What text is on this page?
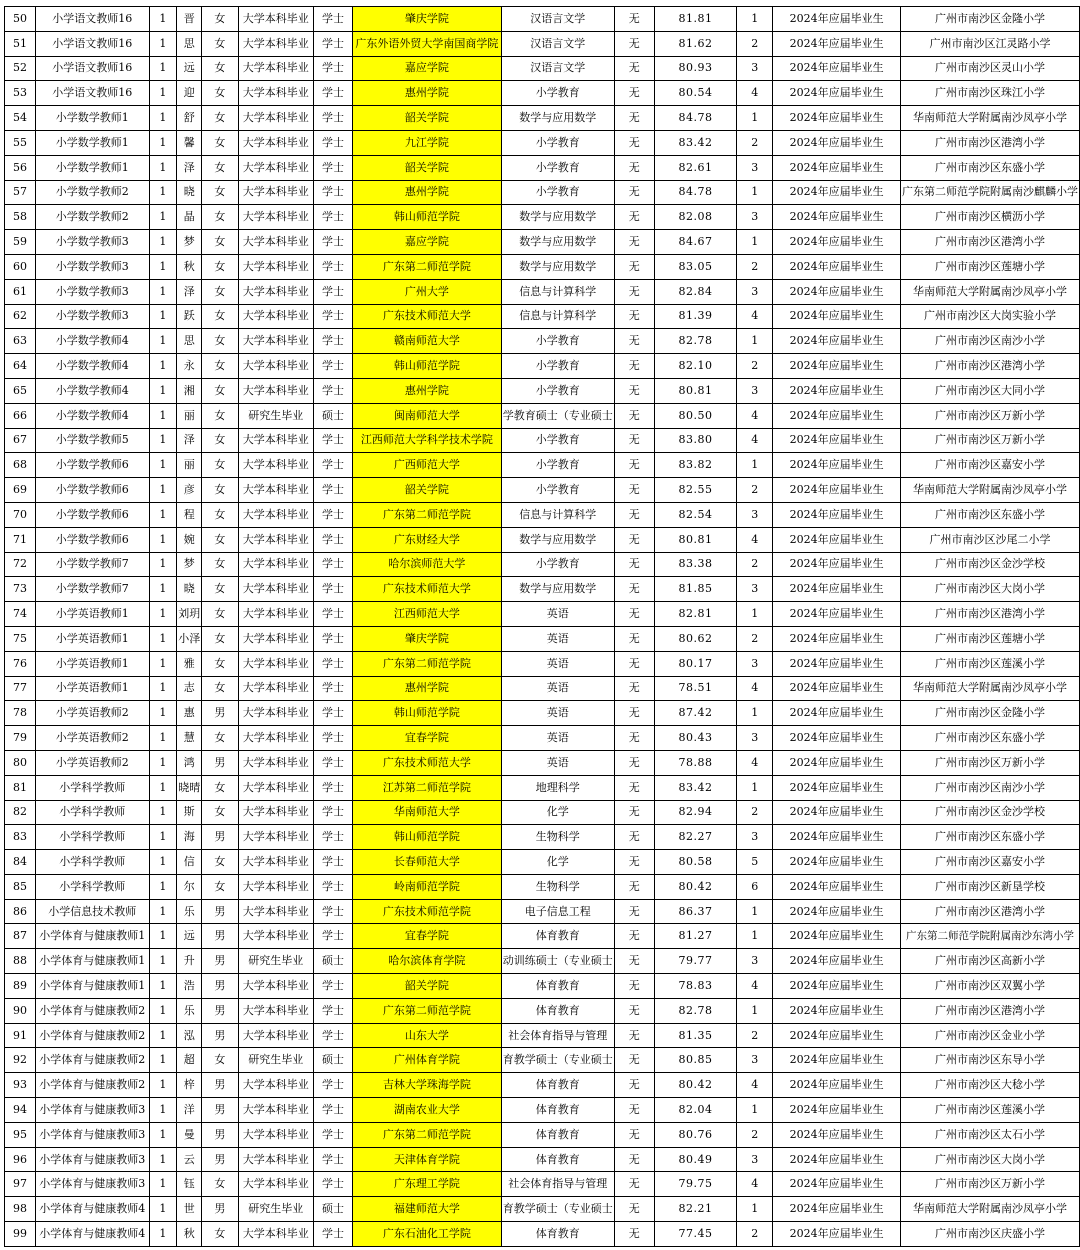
50	小学语文教师16	1	晋	女	大学本科毕业	学士	肇庆学院	汉语言文学	无	81.81	1	2024年应届毕业生	广州市南沙区金隆小学
51	小学语文教师16	1	思	女	大学本科毕业	学士	广东外语外贸大学南国商学院	汉语言文学	无	81.62	2	2024年应届毕业生	广州市南沙区江灵路小学
52	小学语文教师16	1	远	女	大学本科毕业	学士	嘉应学院	汉语言文学	无	80.93	3	2024年应届毕业生	广州市南沙区灵山小学
53	小学语文教师16	1	迎	女	大学本科毕业	学士	惠州学院	小学教育	无	80.54	4	2024年应届毕业生	广州市南沙区珠江小学
54	小学数学教师1	1	舒	女	大学本科毕业	学士	韶关学院	数学与应用数学	无	84.78	1	2024年应届毕业生	华南师范大学附属南沙凤亭小学
55	小学数学教师1	1	馨	女	大学本科毕业	学士	九江学院	小学教育	无	83.42	2	2024年应届毕业生	广州市南沙区港湾小学
56	小学数学教师1	1	泽	女	大学本科毕业	学士	韶关学院	小学教育	无	82.61	3	2024年应届毕业生	广州市南沙区东盛小学
57	小学数学教师2	1	晓	女	大学本科毕业	学士	惠州学院	小学教育	无	84.78	1	2024年应届毕业生	广东第二师范学院附属南沙麒麟小学
58	小学数学教师2	1	晶	女	大学本科毕业	学士	韩山师范学院	数学与应用数学	无	82.08	3	2024年应届毕业生	广州市南沙区横沥小学
59	小学数学教师3	1	梦	女	大学本科毕业	学士	嘉应学院	数学与应用数学	无	84.67	1	2024年应届毕业生	广州市南沙区港湾小学
60	小学数学教师3	1	秋	女	大学本科毕业	学士	广东第二师范学院	数学与应用数学	无	83.05	2	2024年应届毕业生	广州市南沙区莲塘小学
61	小学数学教师3	1	泽	女	大学本科毕业	学士	广州大学	信息与计算科学	无	82.84	3	2024年应届毕业生	华南师范大学附属南沙凤亭小学
62	小学数学教师3	1	跃	女	大学本科毕业	学士	广东技术师范大学	信息与计算科学	无	81.39	4	2024年应届毕业生	广州市南沙区大岗实验小学
63	小学数学教师4	1	思	女	大学本科毕业	学士	赣南师范大学	小学教育	无	82.78	1	2024年应届毕业生	广州市南沙区南沙小学
64	小学数学教师4	1	永	女	大学本科毕业	学士	韩山师范学院	小学教育	无	82.10	2	2024年应届毕业生	广州市南沙区港湾小学
65	小学数学教师4	1	湘	女	大学本科毕业	学士	惠州学院	小学教育	无	80.81	3	2024年应届毕业生	广州市南沙区大同小学
66	小学数学教师4	1	丽	女	研究生毕业	硕士	闽南师范大学	学教育硕士（专业硕士	无	80.50	4	2024年应届毕业生	广州市南沙区万新小学
67	小学数学教师5	1	泽	女	大学本科毕业	学士	江西师范大学科学技术学院	小学教育	无	83.80	4	2024年应届毕业生	广州市南沙区万新小学
68	小学数学教师6	1	丽	女	大学本科毕业	学士	广西师范大学	小学教育	无	83.82	1	2024年应届毕业生	广州市南沙区嘉安小学
69	小学数学教师6	1	彦	女	大学本科毕业	学士	韶关学院	小学教育	无	82.55	2	2024年应届毕业生	华南师范大学附属南沙凤亭小学
70	小学数学教师6	1	程	女	大学本科毕业	学士	广东第二师范学院	信息与计算科学	无	82.54	3	2024年应届毕业生	广州市南沙区东盛小学
71	小学数学教师6	1	婉	女	大学本科毕业	学士	广东财经大学	数学与应用数学	无	80.81	4	2024年应届毕业生	广州市南沙区沙尾二小学
72	小学数学教师7	1	梦	女	大学本科毕业	学士	哈尔滨师范大学	小学教育	无	83.38	2	2024年应届毕业生	广州市南沙区金沙学校
73	小学数学教师7	1	晓	女	大学本科毕业	学士	广东技术师范大学	数学与应用数学	无	81.85	3	2024年应届毕业生	广州市南沙区大岗小学
74	小学英语教师1	1	刘玥	女	大学本科毕业	学士	江西师范大学	英语	无	82.81	1	2024年应届毕业生	广州市南沙区港湾小学
75	小学英语教师1	1	小泽	女	大学本科毕业	学士	肇庆学院	英语	无	80.62	2	2024年应届毕业生	广州市南沙区莲塘小学
76	小学英语教师1	1	雅	女	大学本科毕业	学士	广东第二师范学院	英语	无	80.17	3	2024年应届毕业生	广州市南沙区莲溪小学
77	小学英语教师1	1	志	女	大学本科毕业	学士	惠州学院	英语	无	78.51	4	2024年应届毕业生	华南师范大学附属南沙凤亭小学
78	小学英语教师2	1	惠	男	大学本科毕业	学士	韩山师范学院	英语	无	87.42	1	2024年应届毕业生	广州市南沙区金隆小学
79	小学英语教师2	1	慧	女	大学本科毕业	学士	宜春学院	英语	无	80.43	3	2024年应届毕业生	广州市南沙区东盛小学
80	小学英语教师2	1	鸿	男	大学本科毕业	学士	广东技术师范大学	英语	无	78.88	4	2024年应届毕业生	广州市南沙区万新小学
81	小学科学教师	1	晓晴	女	大学本科毕业	学士	江苏第二师范学院	地理科学	无	83.42	1	2024年应届毕业生	广州市南沙区南沙小学
82	小学科学教师	1	斯	女	大学本科毕业	学士	华南师范大学	化学	无	82.94	2	2024年应届毕业生	广州市南沙区金沙学校
83	小学科学教师	1	海	男	大学本科毕业	学士	韩山师范学院	生物科学	无	82.27	3	2024年应届毕业生	广州市南沙区东盛小学
84	小学科学教师	1	信	女	大学本科毕业	学士	长春师范大学	化学	无	80.58	5	2024年应届毕业生	广州市南沙区嘉安小学
85	小学科学教师	1	尔	女	大学本科毕业	学士	岭南师范学院	生物科学	无	80.42	6	2024年应届毕业生	广州市南沙区新垦学校
86	小学信息技术教师	1	乐	男	大学本科毕业	学士	广东技术师范学院	电子信息工程	无	86.37	1	2024年应届毕业生	广州市南沙区港湾小学
87	小学体育与健康教师1	1	远	男	大学本科毕业	学士	宜春学院	体育教育	无	81.27	1	2024年应届毕业生	广东第二师范学院附属南沙东湾小学
88	小学体育与健康教师1	1	升	男	研究生毕业	硕士	哈尔滨体育学院	动训练硕士（专业硕士	无	79.77	3	2024年应届毕业生	广州市南沙区高新小学
89	小学体育与健康教师1	1	浩	男	大学本科毕业	学士	韶关学院	体育教育	无	78.83	4	2024年应届毕业生	广州市南沙区双翼小学
90	小学体育与健康教师2	1	乐	男	大学本科毕业	学士	广东第二师范学院	体育教育	无	82.78	1	2024年应届毕业生	广州市南沙区港湾小学
91	小学体育与健康教师2	1	泓	男	大学本科毕业	学士	山东大学	社会体育指导与管理	无	81.35	2	2024年应届毕业生	广州市南沙区金业小学
92	小学体育与健康教师2	1	超	女	研究生毕业	硕士	广州体育学院	育教学硕士（专业硕士	无	80.85	3	2024年应届毕业生	广州市南沙区东导小学
93	小学体育与健康教师2	1	梓	男	大学本科毕业	学士	吉林大学珠海学院	体育教育	无	80.42	4	2024年应届毕业生	广州市南沙区大稔小学
94	小学体育与健康教师3	1	洋	男	大学本科毕业	学士	湖南农业大学	体育教育	无	82.04	1	2024年应届毕业生	广州市南沙区莲溪小学
95	小学体育与健康教师3	1	曼	男	大学本科毕业	学士	广东第二师范学院	体育教育	无	80.76	2	2024年应届毕业生	广州市南沙区太石小学
96	小学体育与健康教师3	1	云	男	大学本科毕业	学士	天津体育学院	体育教育	无	80.49	3	2024年应届毕业生	广州市南沙区大岗小学
97	小学体育与健康教师3	1	钰	女	大学本科毕业	学士	广东理工学院	社会体育指导与管理	无	79.75	4	2024年应届毕业生	广州市南沙区万新小学
98	小学体育与健康教师4	1	世	男	研究生毕业	硕士	福建师范大学	育教学硕士（专业硕士	无	82.21	1	2024年应届毕业生	华南师范大学附属南沙凤亭小学
99	小学体育与健康教师4	1	秋	女	大学本科毕业	学士	广东石油化工学院	体育教育	无	77.45	2	2024年应届毕业生	广州市南沙区庆盛小学
